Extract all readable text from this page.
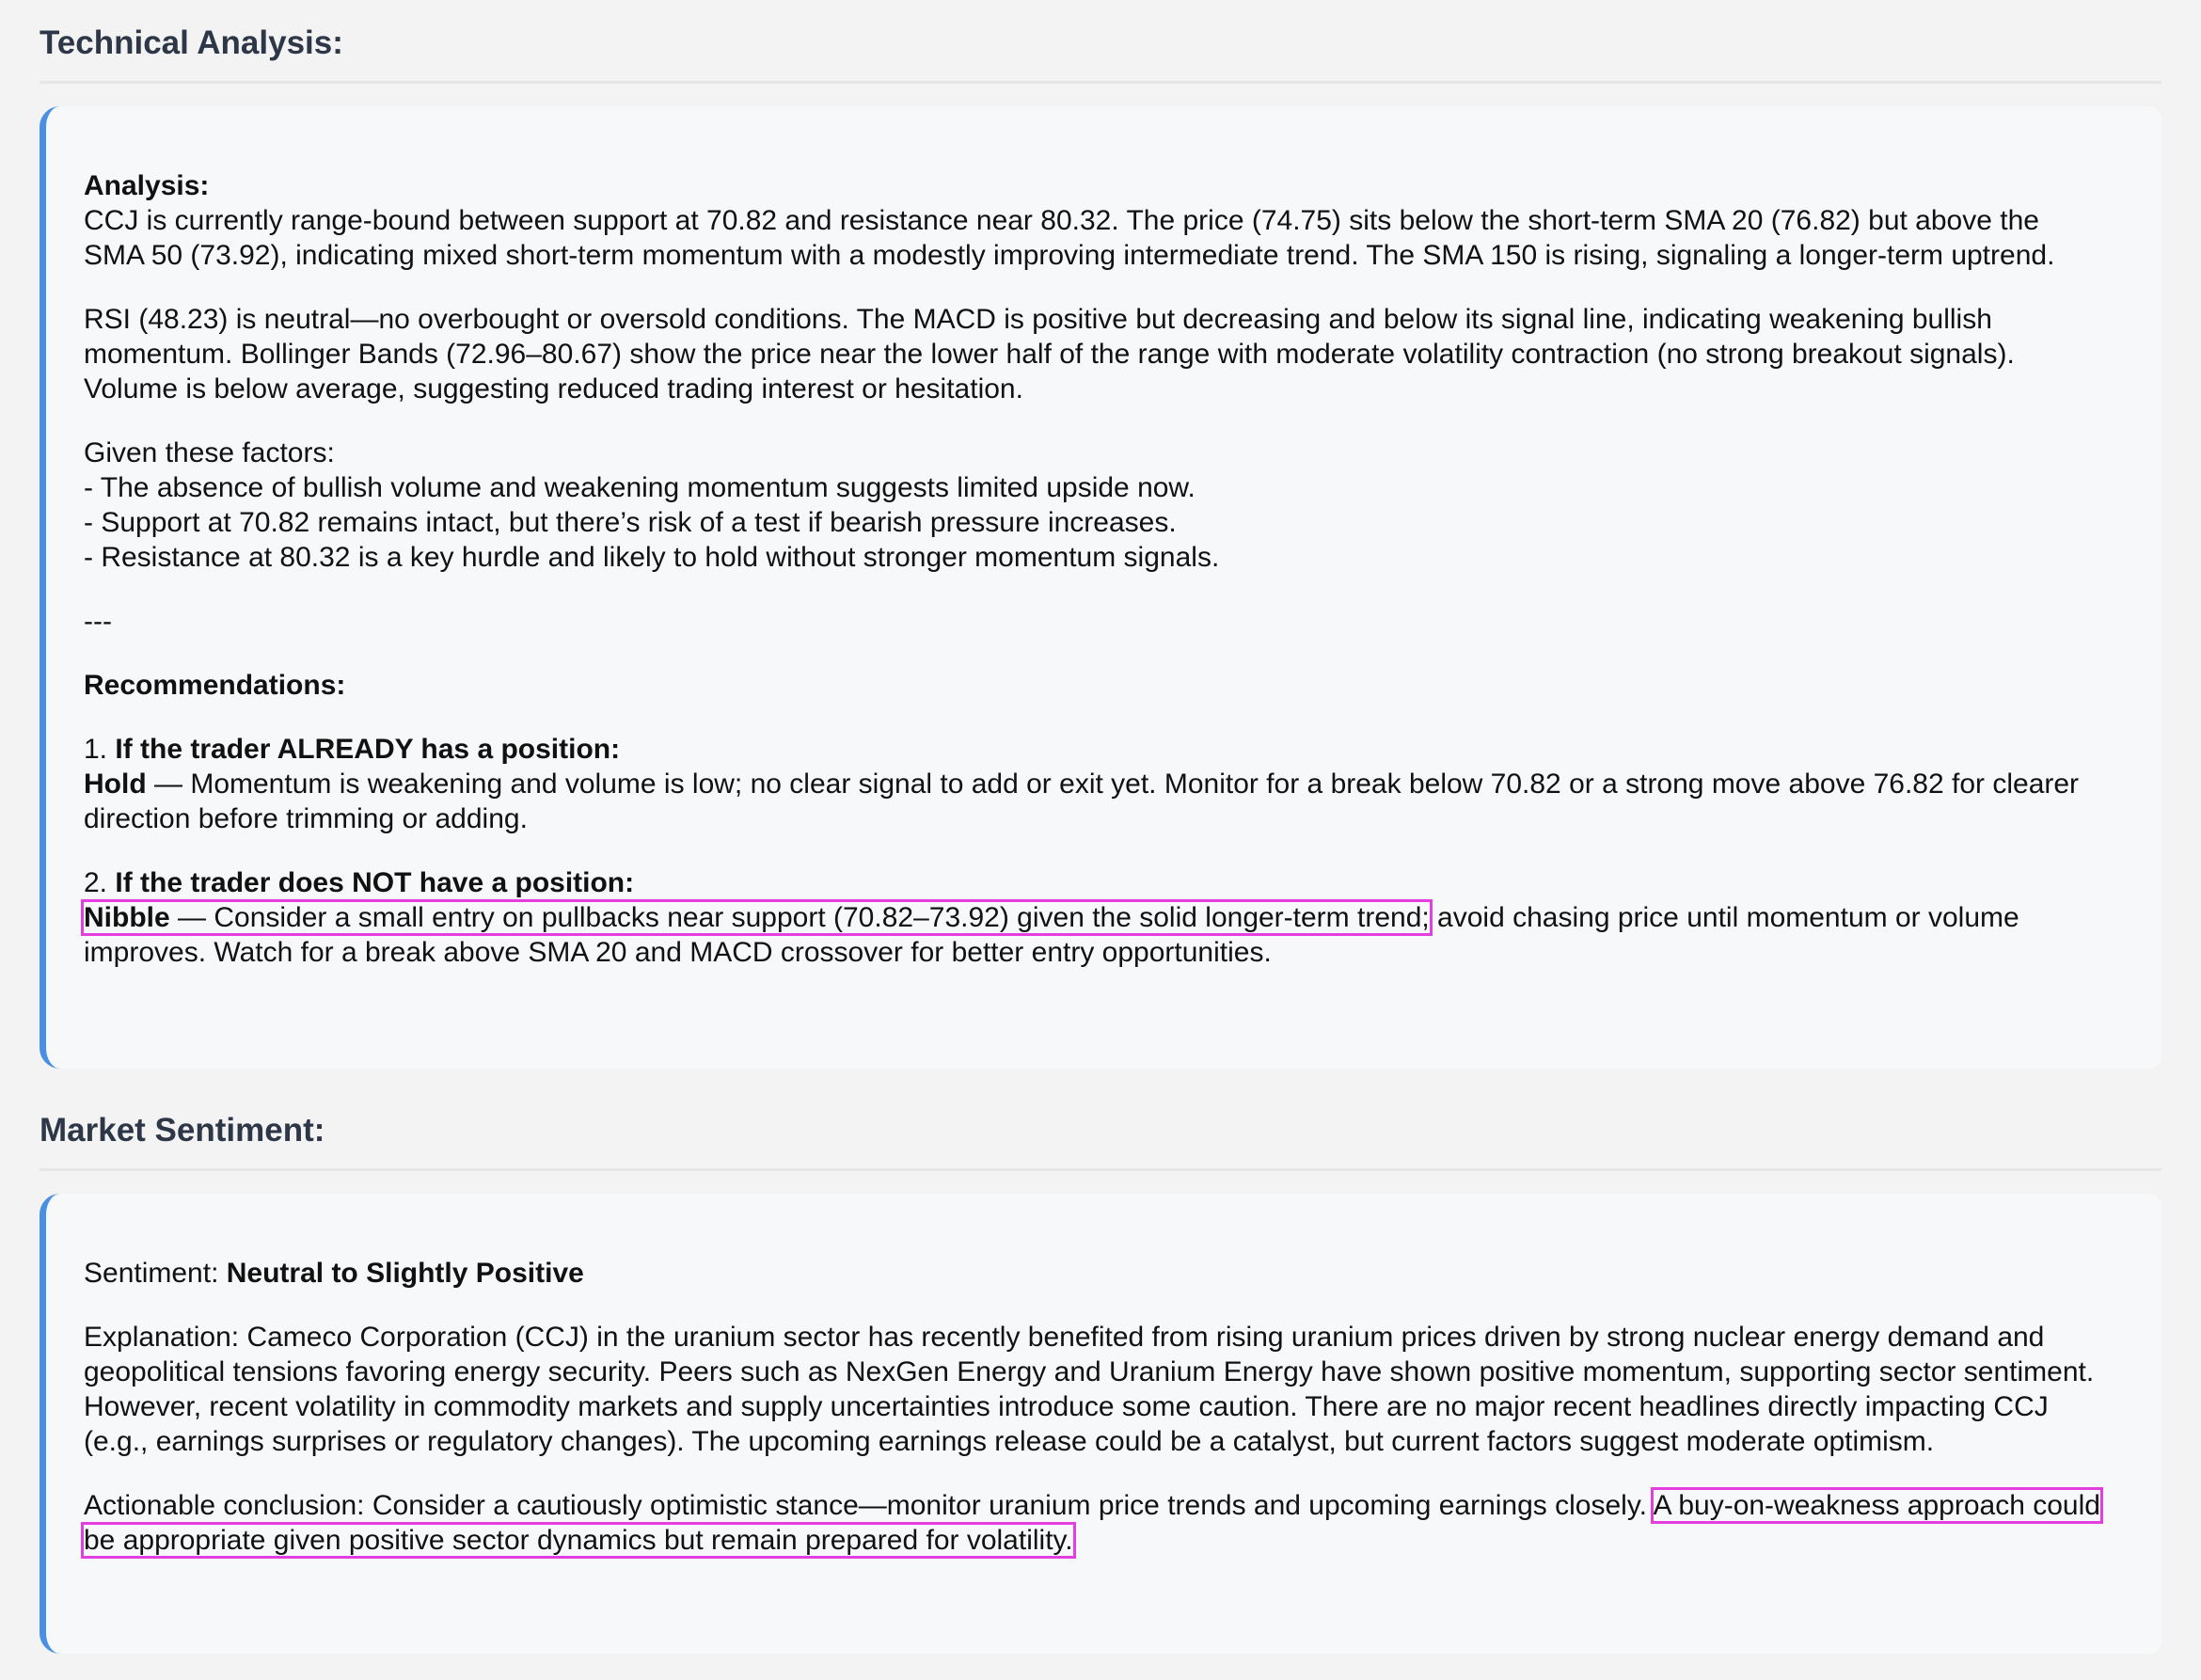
Technical Analysis:

Analysis:
CCJ is currently range-bound between support at 70.82 and resistance near 80.32. The price (74.75) sits below the short-term SMA 20 (76.82) but above the SMA 50 (73.92), indicating mixed short-term momentum with a modestly improving intermediate trend. The SMA 150 is rising, signaling a longer-term uptrend.

RSI (48.23) is neutral—no overbought or oversold conditions. The MACD is positive but decreasing and below its signal line, indicating weakening bullish momentum. Bollinger Bands (72.96–80.67) show the price near the lower half of the range with moderate volatility contraction (no strong breakout signals). Volume is below average, suggesting reduced trading interest or hesitation.

Given these factors:
- The absence of bullish volume and weakening momentum suggests limited upside now.
- Support at 70.82 remains intact, but there’s risk of a test if bearish pressure increases.
- Resistance at 80.32 is a key hurdle and likely to hold without stronger momentum signals.

---

Recommendations:

1. If the trader ALREADY has a position:
Hold — Momentum is weakening and volume is low; no clear signal to add or exit yet. Monitor for a break below 70.82 or a strong move above 76.82 for clearer direction before trimming or adding.

2. If the trader does NOT have a position:
Nibble — Consider a small entry on pullbacks near support (70.82–73.92) given the solid longer-term trend; avoid chasing price until momentum or volume improves. Watch for a break above SMA 20 and MACD crossover for better entry opportunities.

Market Sentiment:

Sentiment: Neutral to Slightly Positive

Explanation: Cameco Corporation (CCJ) in the uranium sector has recently benefited from rising uranium prices driven by strong nuclear energy demand and geopolitical tensions favoring energy security. Peers such as NexGen Energy and Uranium Energy have shown positive momentum, supporting sector sentiment. However, recent volatility in commodity markets and supply uncertainties introduce some caution. There are no major recent headlines directly impacting CCJ (e.g., earnings surprises or regulatory changes). The upcoming earnings release could be a catalyst, but current factors suggest moderate optimism.

Actionable conclusion: Consider a cautiously optimistic stance—monitor uranium price trends and upcoming earnings closely. A buy-on-weakness approach could be appropriate given positive sector dynamics but remain prepared for volatility.
